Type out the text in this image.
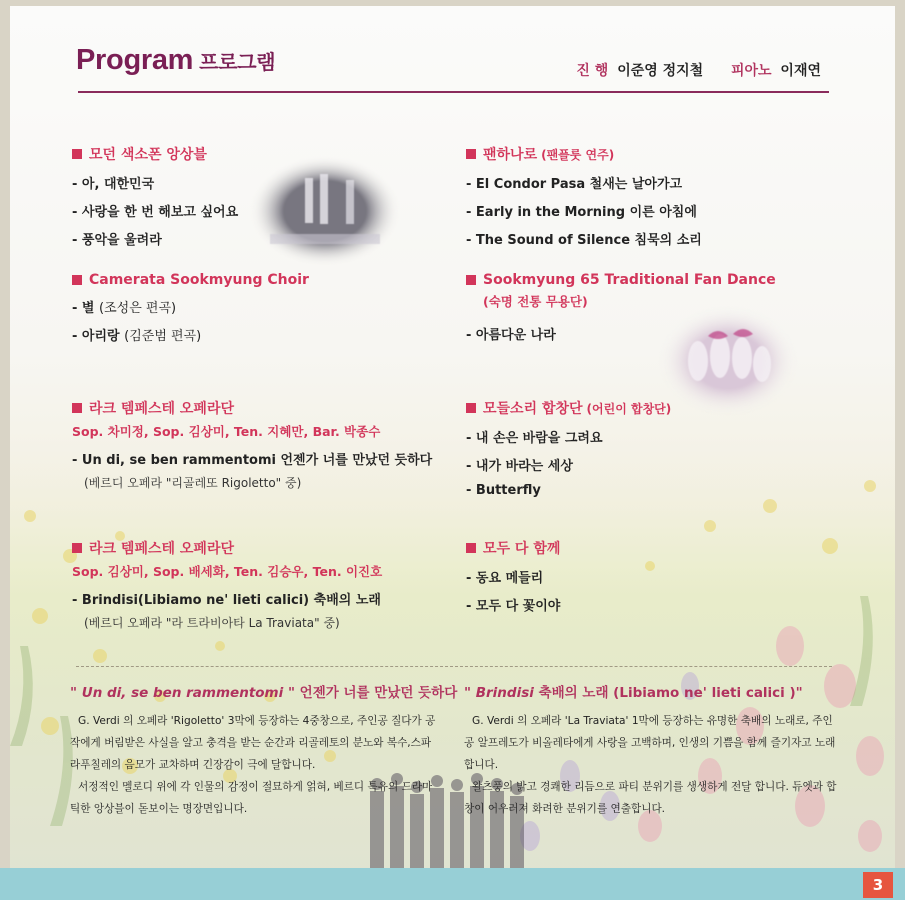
Program 프로그램	진 행 이준영 정지철 피아노 이재연
모던 색소폰 앙상블
- 아, 대한민국
- 사랑을 한 번 해보고 싶어요
- 풍악을 울려라
Camerata Sookmyung Choir
- 별 (조성은 편곡)
- 아리랑 (김준범 편곡)
라크 템페스테 오페라단
Sop. 차미정, Sop. 김상미, Ten. 지혜만, Bar. 박종수
- Un di, se ben rammentomi 언젠가 너를 만났던 듯하다
(베르디 오페라 "리골레또 Rigoletto" 중)
라크 템페스테 오페라단
Sop. 김상미, Sop. 배세화, Ten. 김승우, Ten. 이진호
- Brindisi(Libiamo ne' lieti calici) 축배의 노래
(베르디 오페라 "라 트라비아타 La Traviata" 중)
팬하나로 (팬플룻 연주)
- El Condor Pasa 철새는 날아가고
- Early in the Morning 이른 아침에
- The Sound of Silence 침묵의 소리
Sookmyung 65 Traditional Fan Dance
(숙명 전통 무용단)
- 아름다운 나라
모들소리 합창단 (어린이 합창단)
- 내 손은 바람을 그려요
- 내가 바라는 세상
- Butterfly
모두 다 함께
- 동요 메들리
- 모두 다 꽃이야
" Un di, se ben rammentomi " 언젠가 너를 만났던 듯하다

G. Verdi 의 오페라 'Rigoletto' 3막에 등장하는 4중창으로, 주인공 질다가 공작에게 버림받은 사실을 알고 충격을 받는 순간과 리골레토의 분노와 복수,스파라푸칠레의 음모가 교차하며 긴장감이 극에 달합니다.

서정적인 멜로디 위에 각 인물의 감정이 절묘하게 얽혀, 베르디 특유의 드라마틱한 앙상블이 돋보이는 명장면입니다.

" Brindisi 축배의 노래 (Libiamo ne' lieti calici )"

G. Verdi 의 오페라 'La Traviata' 1막에 등장하는 유명한 축배의 노래로, 주인공 알프레도가 비올레타에게 사랑을 고백하며, 인생의 기쁨을 함께 즐기자고 노래합니다.

왈츠풍의 밝고 경쾌한 리듬으로 파티 분위기를 생생하게 전달 합니다. 듀엣과 합창이 어우러져 화려한 분위기를 연출합니다.

3
